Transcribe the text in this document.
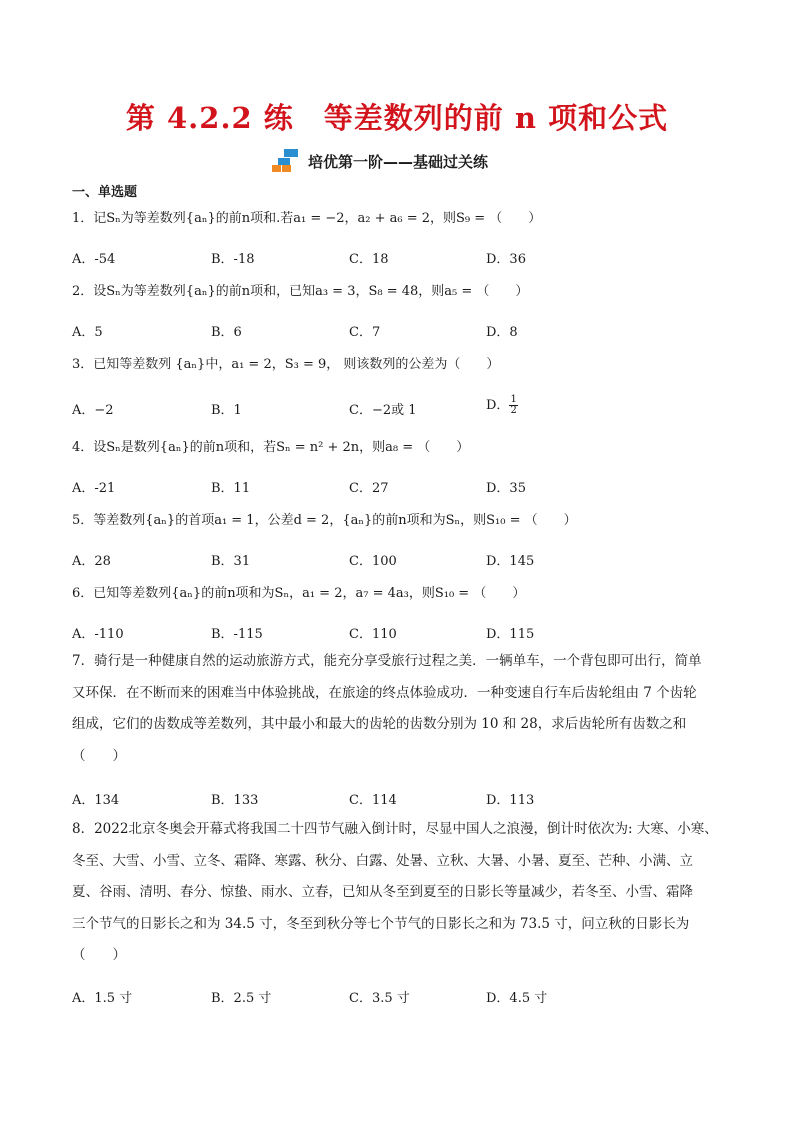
第 4.2.2 练　等差数列的前 n 项和公式
培优第一阶——基础过关练
一、单选题
1．记Sₙ为等差数列{aₙ}的前n项和.若a₁ = −2，a₂ + a₆ = 2，则S₉ = （　　）
A．-54	B．-18	C．18	D．36
2．设Sₙ为等差数列{aₙ}的前n项和，已知a₃ = 3，S₈ = 48，则a₅ = （　　）
A．5	B．6	C．7	D．8
3．已知等差数列 {aₙ}中，a₁ = 2，S₃ = 9， 则该数列的公差为（　　）
A．−2	B．1	C．−2或 1	D． $\frac{1}{2}$
4．设Sₙ是数列{aₙ}的前n项和，若Sₙ = n² + 2n，则a₈ = （　　）
A．-21	B．11	C．27	D．35
5．等差数列{aₙ}的首项a₁ = 1，公差d = 2，{aₙ}的前n项和为Sₙ，则S₁₀ = （　　）
A．28	B．31	C．100	D．145
6．已知等差数列{aₙ}的前n项和为Sₙ，a₁ = 2，a₇ = 4a₃，则S₁₀ = （　　）
A．-110	B．-115	C．110	D．115
7．骑行是一种健康自然的运动旅游方式，能充分享受旅行过程之美．一辆单车，一个背包即可出行，简单
又环保．在不断而来的困难当中体验挑战，在旅途的终点体验成功．一种变速自行车后齿轮组由 7 个齿轮
组成，它们的齿数成等差数列，其中最小和最大的齿轮的齿数分别为 10 和 28，求后齿轮所有齿数之和
（　　）
A．134	B．133	C．114	D．113
8．2022北京冬奥会开幕式将我国二十四节气融入倒计时，尽显中国人之浪漫，倒计时依次为: 大寒、小寒、
冬至、大雪、小雪、立冬、霜降、寒露、秋分、白露、处暑、立秋、大暑、小暑、夏至、芒种、小满、立
夏、谷雨、清明、春分、惊蛰、雨水、立春，已知从冬至到夏至的日影长等量减少，若冬至、小雪、霜降
三个节气的日影长之和为 34.5 寸，冬至到秋分等七个节气的日影长之和为 73.5 寸，问立秋的日影长为
（　　）
A．1.5 寸	B．2.5 寸	C．3.5 寸	D．4.5 寸
